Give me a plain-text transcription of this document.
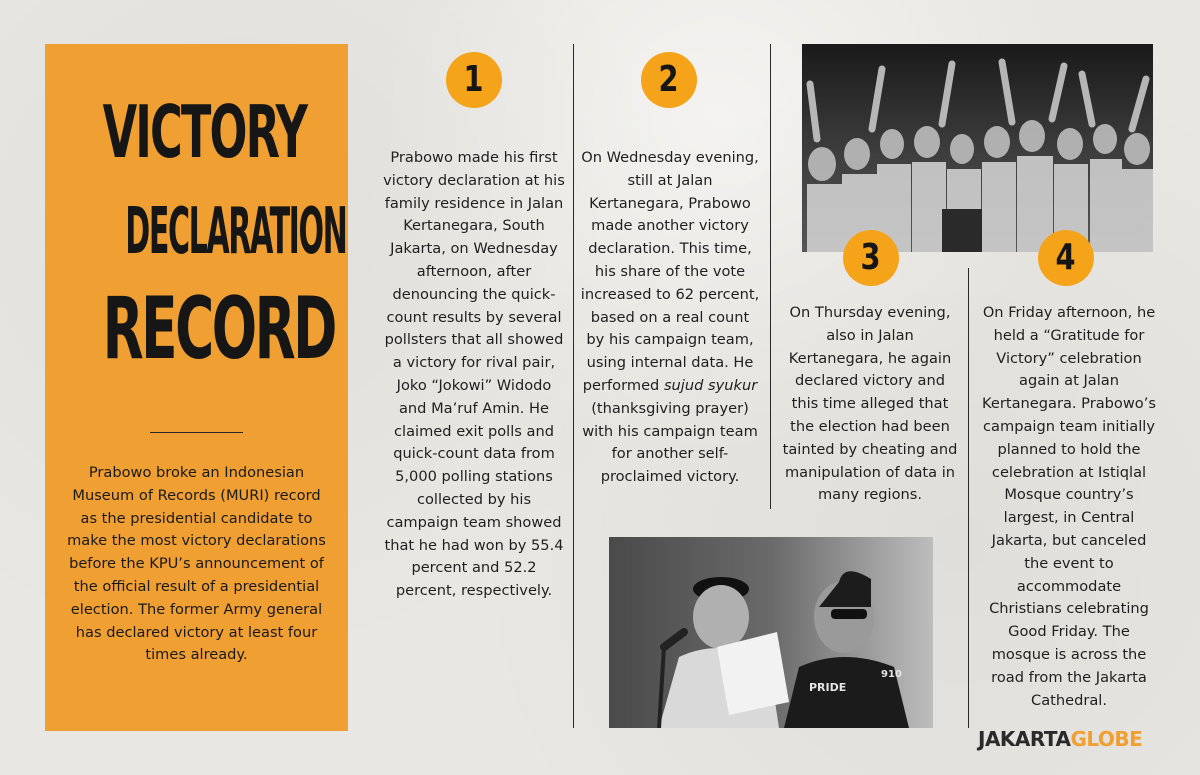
VICTORY
DECLARATION
RECORD

Prabowo broke an Indonesian Museum of Records (MURI) record as the presidential candidate to make the most victory declarations before the KPU’s announcement of the official result of a presidential election. The former Army general has declared victory at least four times already.

1

Prabowo made his first victory declaration at his family residence in Jalan Kertanegara, South Jakarta, on Wednesday afternoon, after denouncing the quick-count results by several pollsters that all showed a victory for rival pair, Joko “Jokowi” Widodo and Ma’ruf Amin. He claimed exit polls and quick-count data from 5,000 polling stations collected by his campaign team showed that he had won by 55.4 percent and 52.2 percent, respectively.

2

On Wednesday evening, still at Jalan Kertanegara, Prabowo made another victory declaration. This time, his share of the vote increased to 62 percent, based on a real count by his campaign team, using internal data. He performed sujud syukur (thanksgiving prayer) with his campaign team for another self-proclaimed victory.

3

On Thursday evening, also in Jalan Kertanegara, he again declared victory and this time alleged that the election had been tainted by cheating and manipulation of data in many regions.

4

On Friday afternoon, he held a “Gratitude for Victory” celebration again at Jalan Kertanegara. Prabowo’s campaign team initially planned to hold the celebration at Istiqlal Mosque country’s largest, in Central Jakarta, but canceled the event to accommodate Christians celebrating Good Friday. The mosque is across the road from the Jakarta Cathedral.

PRIDE
910

JAKARTAGLOBE
